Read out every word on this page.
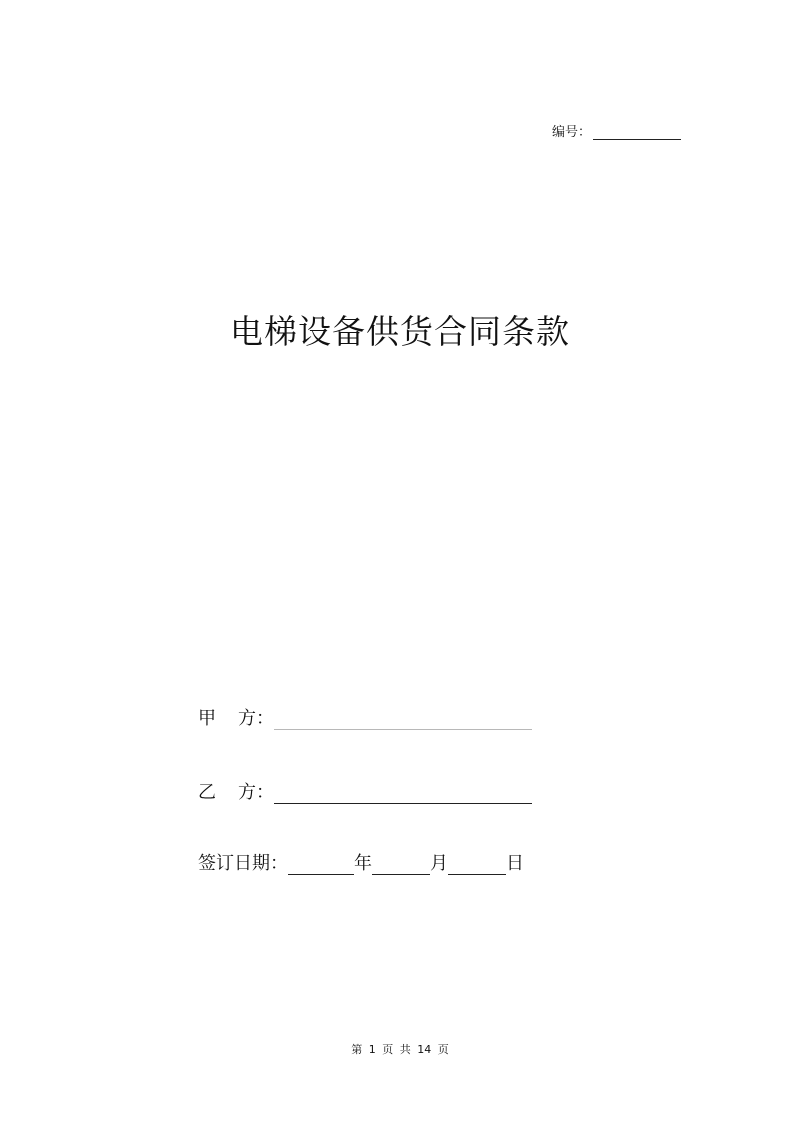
编号：
电梯设备供货合同条款
甲 方：
乙 方：
签订日期：	年	月	日
第 1 页 共 14 页
